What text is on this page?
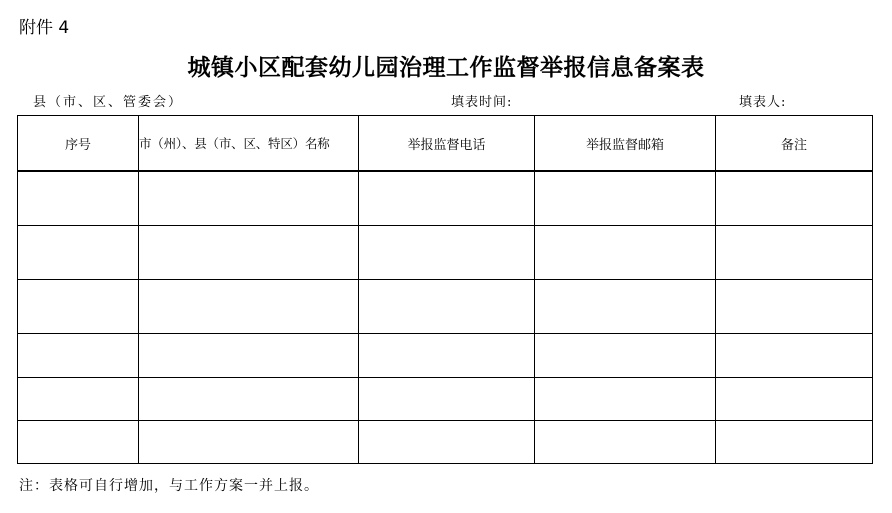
附件 4
城镇小区配套幼儿园治理工作监督举报信息备案表
县（市、区、管委会）	填表时间:	填表人:
序号	市（州）、县（市、区、特区）名称	举报监督电话	举报监督邮箱	备注

注：表格可自行增加，与工作方案一并上报。
